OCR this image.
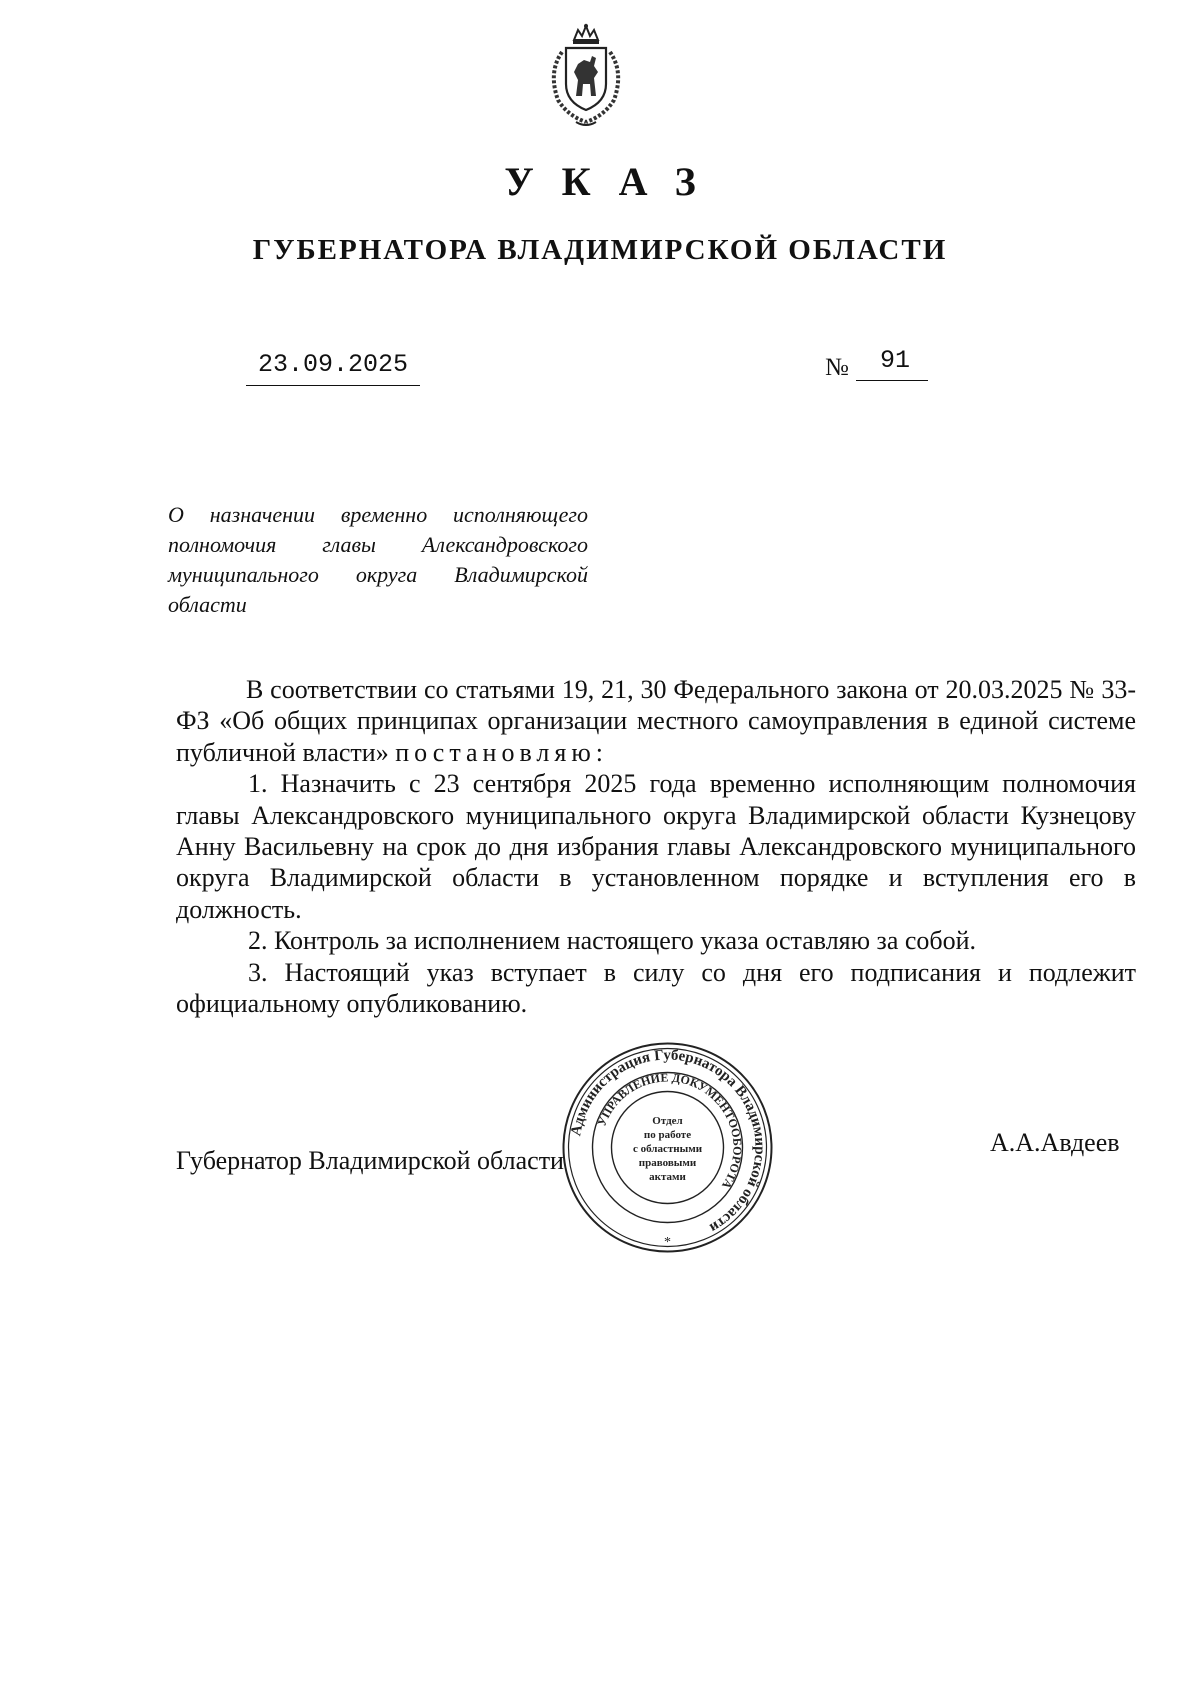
УКАЗ
ГУБЕРНАТОРА ВЛАДИМИРСКОЙ ОБЛАСТИ
23.09.2025	№	91
О назначении временно исполняющего полномочия главы Александровского муниципального округа Владимирской области

В соответствии со статьями 19, 21, 30 Федерального закона от 20.03.2025 № 33-ФЗ «Об общих принципах организации местного самоуправления в единой системе публичной власти» постановляю:

1. Назначить с 23 сентября 2025 года временно исполняющим полномочия главы Александровского муниципального округа Владимирской области Кузнецову Анну Васильевну на срок до дня избрания главы Александровского муниципального округа Владимирской области в установленном порядке и вступления его в должность.

2. Контроль за исполнением настоящего указа оставляю за собой.

3. Настоящий указ вступает в силу со дня его подписания и подлежит официальному опубликованию.

Губернатор Владимирской области
А.А.Авдеев
Администрация Губернатора Владимирской области
УПРАВЛЕНИЕ ДОКУМЕНТООБОРОТА
Отдел
по работе
с областными
правовыми
актами
*
